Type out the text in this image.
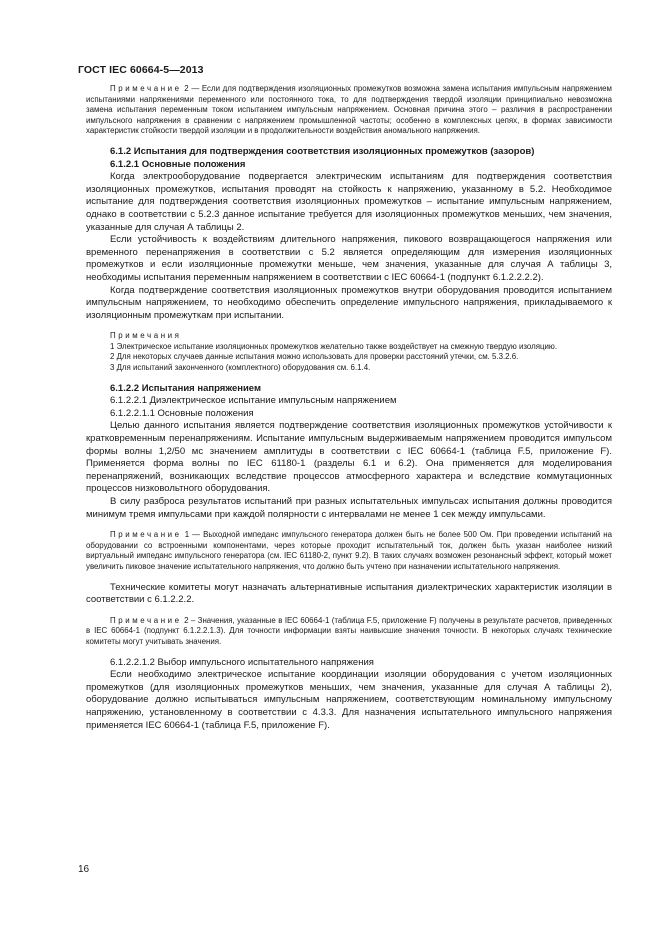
ГОСТ IEC 60664-5—2013

Примечание 2 — Если для подтверждения изоляционных промежутков возможна замена испытания импульсным напряжением испытаниями напряжениями переменного или постоянного тока, то для подтверждения твердой изоляции принципиально невозможна замена испытания переменным током испытанием импульсным напряжением. Основная причина этого – различия в распространении импульсного напряжения в сравнении с напряжением промышленной частоты; особенно в комплексных цепях, в формах зависимости характеристик стойкости твердой изоляции и в продолжительности воздействия аномального напряжения.

6.1.2 Испытания для подтверждения соответствия изоляционных промежутков (зазоров)

6.1.2.1 Основные положения

Когда электрооборудование подвергается электрическим испытаниям для подтверждения соответствия изоляционных промежутков, испытания проводят на стойкость к напряжению, указанному в 5.2. Необходимое испытание для подтверждения соответствия изоляционных промежутков – испытание импульсным напряжением, однако в соответствии с 5.2.3 данное испытание требуется для изоляционных промежутков меньших, чем значения, указанные для случая А таблицы 2.

Если устойчивость к воздействиям длительного напряжения, пикового возвращающегося напряжения или временного перенапряжения в соответствии с 5.2 является определяющим для измерения изоляционных промежутков и если изоляционные промежутки меньше, чем значения, указанные для случая А таблицы 3, необходимы испытания переменным напряжением в соответствии с IEC 60664-1 (подпункт 6.1.2.2.2.2).

Когда подтверждение соответствия изоляционных промежутков внутри оборудования проводится испытанием импульсным напряжением, то необходимо обеспечить определение импульсного напряжения, прикладываемого к изоляционным промежуткам при испытании.

Примечания

1 Электрическое испытание изоляционных промежутков желательно также воздействует на смежную твердую изоляцию.

2 Для некоторых случаев данные испытания можно использовать для проверки расстояний утечки, см. 5.3.2.6.

3 Для испытаний законченного (комплектного) оборудования см. 6.1.4.

6.1.2.2 Испытания напряжением

6.1.2.2.1 Диэлектрическое испытание импульсным напряжением

6.1.2.2.1.1 Основные положения

Целью данного испытания является подтверждение соответствия изоляционных промежутков устойчивости к кратковременным перенапряжениям. Испытание импульсным выдерживаемым напряжением проводится импульсом формы волны 1,2/50 мс значением амплитуды в соответствии с IEC 60664-1 (таблица F.5, приложение F). Применяется форма волны по IEC 61180-1 (разделы 6.1 и 6.2). Она применяется для моделирования перенапряжений, возникающих вследствие процессов атмосферного характера и вследствие коммутационных процессов низковольтного оборудования.

В силу разброса результатов испытаний при разных испытательных импульсах испытания должны проводится минимум тремя импульсами при каждой полярности с интервалами не менее 1 сек между импульсами.

Примечание 1 — Выходной импеданс импульсного генератора должен быть не более 500 Ом. При проведении испытаний на оборудовании со встроенными компонентами, через которые проходит испытательный ток, должен быть указан наиболее низкий виртуальный импеданс импульсного генератора (см. IEC 61180-2, пункт 9.2). В таких случаях возможен резонансный эффект, который может увеличить пиковое значение испытательного напряжения, что должно быть учтено при назначении испытательного напряжения.

Технические комитеты могут назначать альтернативные испытания диэлектрических характеристик изоляции в соответствии с 6.1.2.2.2.

Примечание 2 – Значения, указанные в IEC 60664-1 (таблица F.5, приложение F) получены в результате расчетов, приведенных в IEC 60664-1 (подпункт 6.1.2.2.1.3). Для точности информации взяты наивысшие значения точности. В некоторых случаях технические комитеты могут учитывать значения.

6.1.2.2.1.2 Выбор импульсного испытательного напряжения

Если необходимо электрическое испытание координации изоляции оборудования с учетом изоляционных промежутков (для изоляционных промежутков меньших, чем значения, указанные для случая А таблицы 2), оборудование должно испытываться импульсным напряжением, соответствующим номинальному импульсному напряжению, установленному в соответствии с 4.3.3. Для назначения испытательного импульсного напряжения применяется IEC 60664-1 (таблица F.5, приложение F).

16
